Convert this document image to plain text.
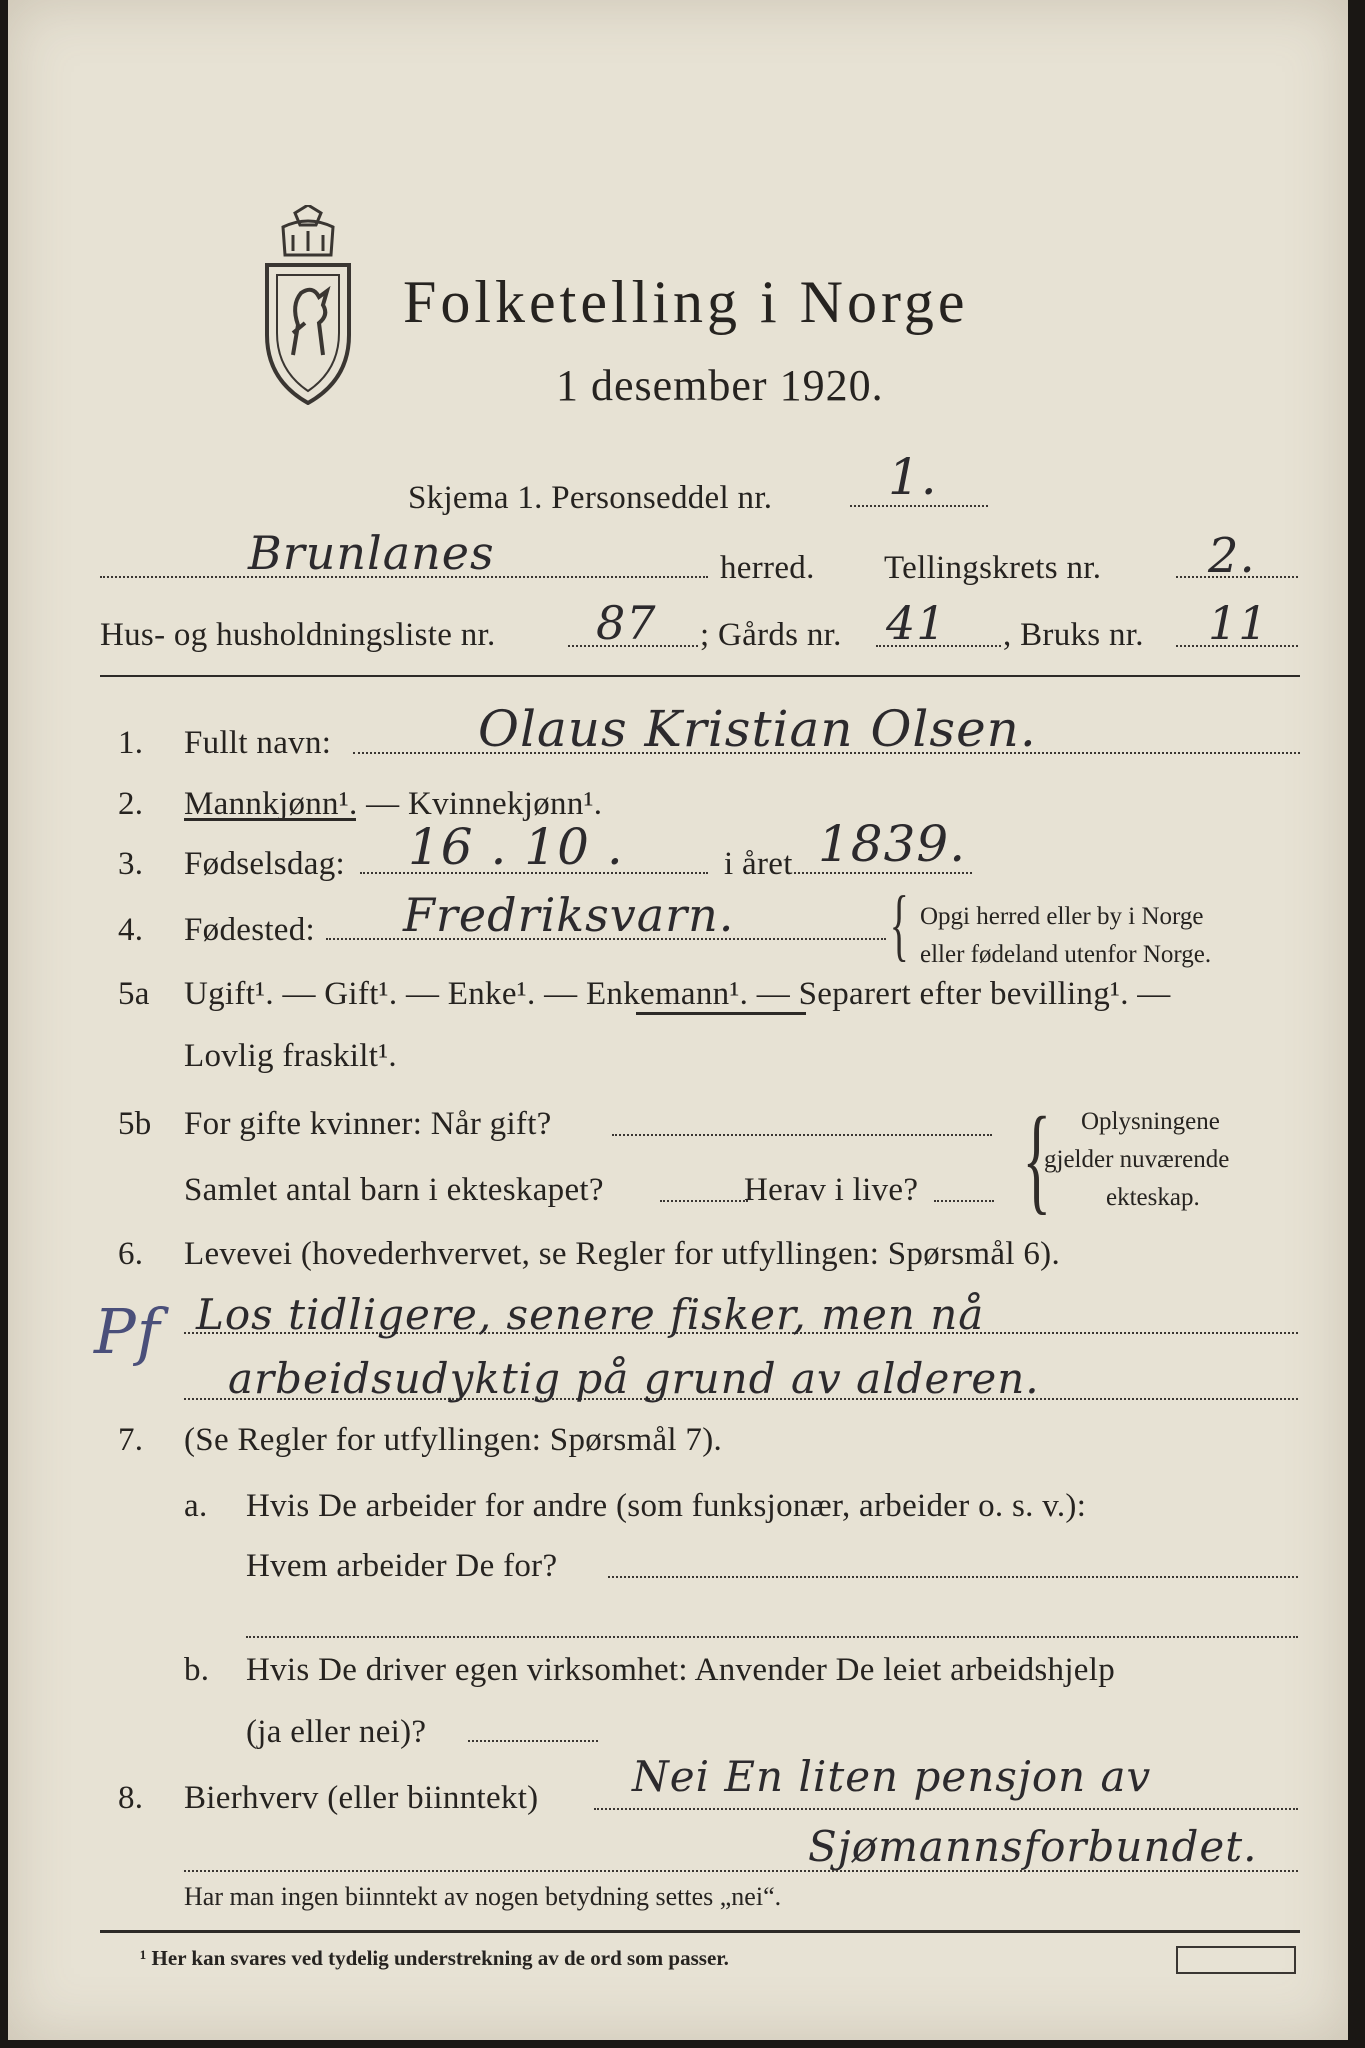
Folketelling i Norge
1 desember 1920.
Skjema 1. Personseddel nr. 1.
Brunlanes	herred. Tellingskrets nr. 2.
Hus- og husholdningsliste nr. 87 ; Gårds nr. 41 , Bruks nr. 11
1. Fullt navn:	Olaus Kristian Olsen.
2. Mannkjønn¹. — Kvinnekjønn¹.
3. Fødselsdag: 16 . 10 .	i året 1839.
4. Fødested: Fredriksvarn. { Opgi herred eller by i Norge
eller fødeland utenfor Norge.
5a Ugift¹. — Gift¹. — Enke¹. — Enkemann¹. — Separert efter bevilling¹. —
Lovlig fraskilt¹.
5b For gifte kvinner: Når gift?
Samlet antal barn i ekteskapet?	Herav i live? { Oplysningene
gjelder nuværende
ekteskap.
6. Levevei (hovederhvervet, se Regler for utfyllingen: Spørsmål 6).
Pf Los tidligere, senere fisker, men nå
arbeidsudyktig på grund av alderen.
7. (Se Regler for utfyllingen: Spørsmål 7).
a. Hvis De arbeider for andre (som funksjonær, arbeider o. s. v.):
Hvem arbeider De for?
b. Hvis De driver egen virksomhet: Anvender De leiet arbeidshjelp
(ja eller nei)?
8. Bierhverv (eller biinntekt) Nei En liten pensjon av
Sjømannsforbundet.
Har man ingen biinntekt av nogen betydning settes „nei“.
¹ Her kan svares ved tydelig understrekning av de ord som passer.
